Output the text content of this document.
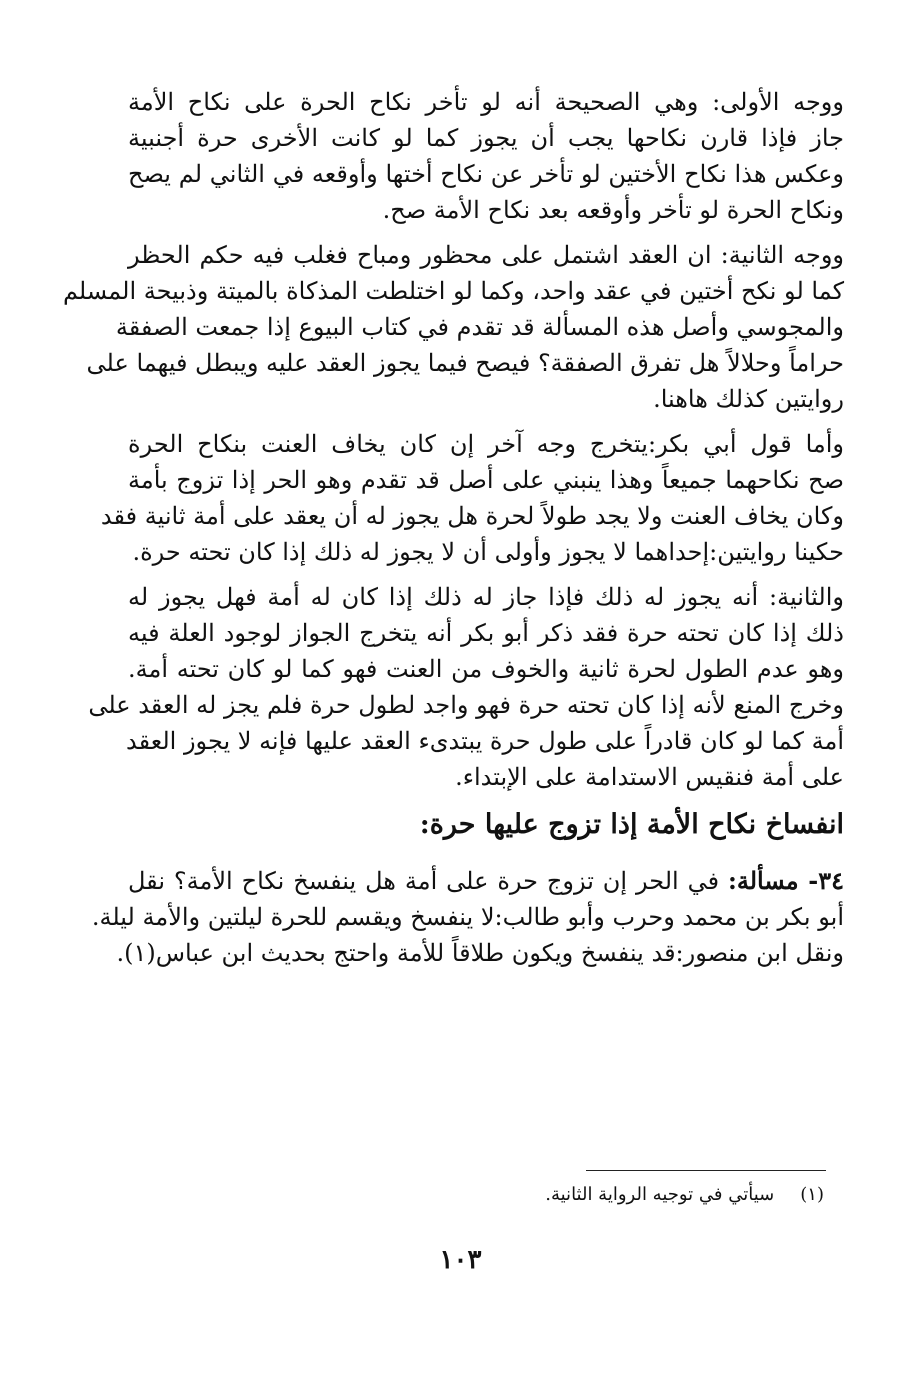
ووجه الأولى: وهي الصحيحة أنه لو تأخر نكاح الحرة على نكاح الأمة
جاز فإذا قارن نكاحها يجب أن يجوز كما لو كانت الأخرى حرة أجنبية
وعكس هذا نكاح الأختين لو تأخر عن نكاح أختها وأوقعه في الثاني لم يصح
ونكاح الحرة لو تأخر وأوقعه بعد نكاح الأمة صح.
ووجه الثانية: ان العقد اشتمل على محظور ومباح فغلب فيه حكم الحظر
كما لو نكح أختين في عقد واحد، وكما لو اختلطت المذكاة بالميتة وذبيحة المسلم
والمجوسي وأصل هذه المسألة قد تقدم في كتاب البيوع إذا جمعت الصفقة
حراماً وحلالاً هل تفرق الصفقة؟ فيصح فيما يجوز العقد عليه ويبطل فيهما على
روايتين كذلك هاهنا.
وأما قول أبي بكر:يتخرج وجه آخر إن كان يخاف العنت بنكاح الحرة
صح نكاحهما جميعاً وهذا ينبني على أصل قد تقدم وهو الحر إذا تزوج بأمة
وكان يخاف العنت ولا يجد طولاً لحرة هل يجوز له أن يعقد على أمة ثانية فقد
حكينا روايتين:إحداهما لا يجوز وأولى أن لا يجوز له ذلك إذا كان تحته حرة.
والثانية: أنه يجوز له ذلك فإذا جاز له ذلك إذا كان له أمة فهل يجوز له
ذلك إذا كان تحته حرة فقد ذكر أبو بكر أنه يتخرج الجواز لوجود العلة فيه
وهو عدم الطول لحرة ثانية والخوف من العنت فهو كما لو كان تحته أمة.
وخرج المنع لأنه إذا كان تحته حرة فهو واجد لطول حرة فلم يجز له العقد على
أمة كما لو كان قادراً على طول حرة يبتدىء العقد عليها فإنه لا يجوز العقد
على أمة فنقيس الاستدامة على الإبتداء.
انفساخ نكاح الأمة إذا تزوج عليها حرة:
٣٤- مسألة: في الحر إن تزوج حرة على أمة هل ينفسخ نكاح الأمة؟ نقل
أبو بكر بن محمد وحرب وأبو طالب:لا ينفسخ ويقسم للحرة ليلتين والأمة ليلة.
ونقل ابن منصور:قد ينفسخ ويكون طلاقاً للأمة واحتج بحديث ابن عباس(١).
(١)سيأتي في توجيه الرواية الثانية.
١٠٣
